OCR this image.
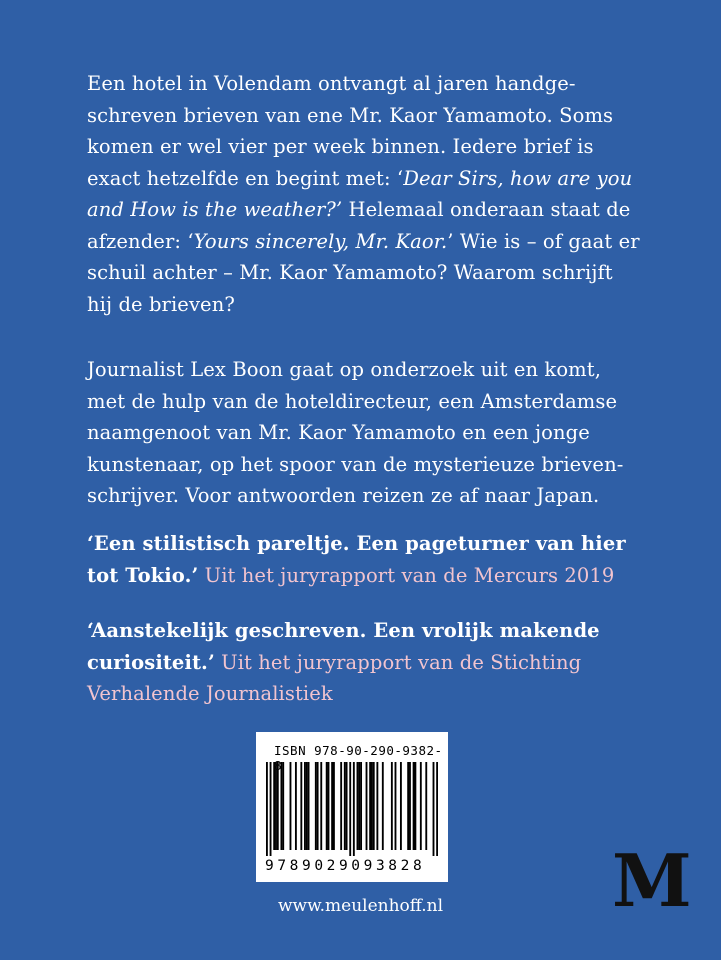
Een hotel in Volendam ontvangt al jaren handge-
schreven brieven van ene Mr. Kaor Yamamoto. Soms
komen er wel vier per week binnen. Iedere brief is
exact hetzelfde en begint met: ‘Dear Sirs, how are you
and How is the weather?’ Helemaal onderaan staat de
afzender: ‘Yours sincerely, Mr. Kaor.’ Wie is – of gaat er
schuil achter – Mr. Kaor Yamamoto? Waarom schrijft
hij de brieven?
Journalist Lex Boon gaat op onderzoek uit en komt,
met de hulp van de hoteldirecteur, een Amsterdamse
naamgenoot van Mr. Kaor Yamamoto en een jonge
kunstenaar, op het spoor van de mysterieuze brieven-
schrijver. Voor antwoorden reizen ze af naar Japan.
‘Een stilistisch pareltje. Een pageturner van hier
tot Tokio.’ Uit het juryrapport van de Mercurs 2019
‘Aanstekelijk geschreven. Een vrolijk makende
curiositeit.’ Uit het juryrapport van de Stichting
Verhalende Journalistiek
ISBN 978-90-290-9382-
9789029093828
www.meulenhoff.nl	M
